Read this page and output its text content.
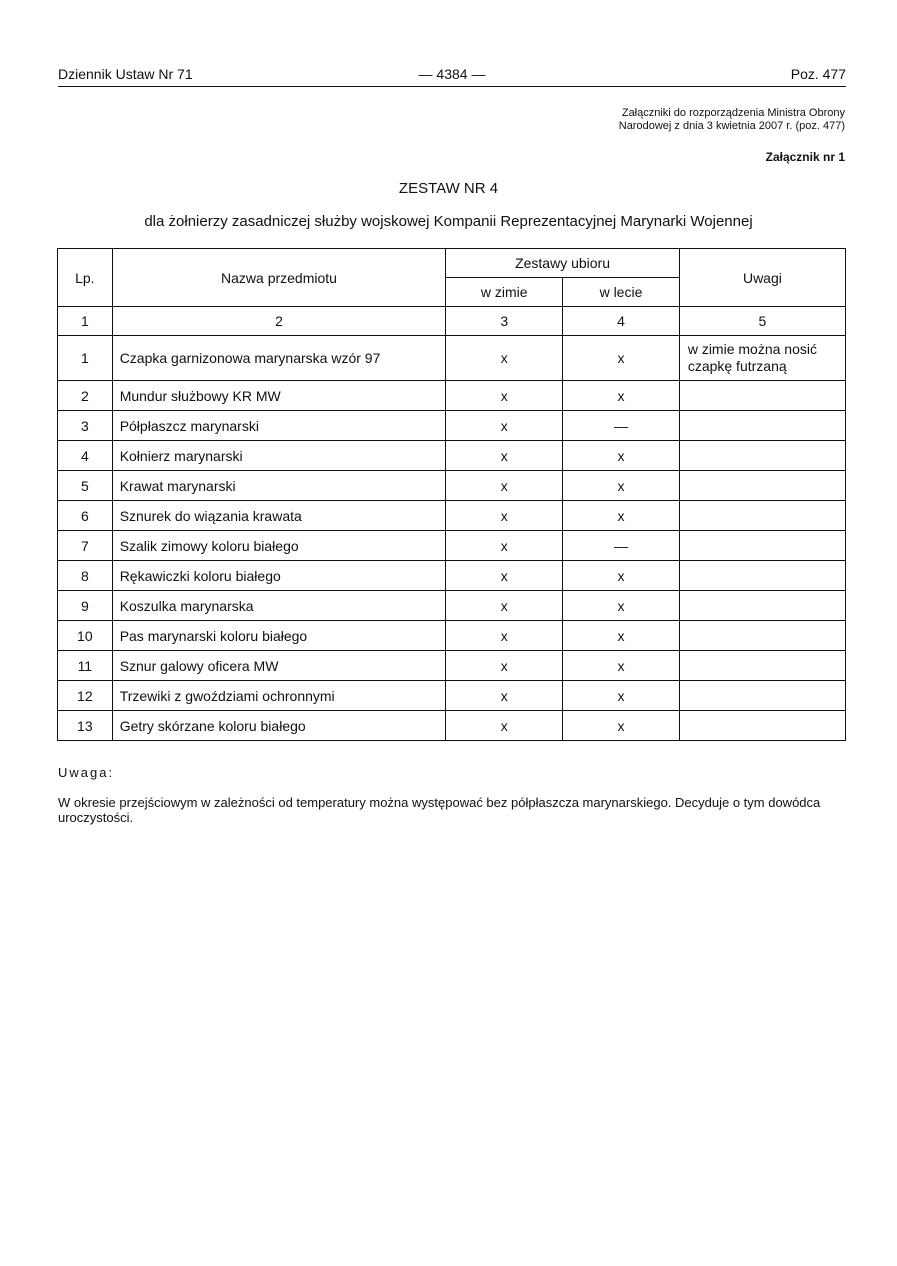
Dziennik Ustaw Nr 71	— 4384 —	Poz. 477
Załączniki do rozporządzenia Ministra Obrony
Narodowej z dnia 3 kwietnia 2007 r. (poz. 477)
Załącznik nr 1
ZESTAW NR 4
dla żołnierzy zasadniczej służby wojskowej Kompanii Reprezentacyjnej Marynarki Wojennej
Lp.	Nazwa przedmiotu	Zestawy ubioru		Uwagi
		w zimie	w lecie	
1	2	3	4	5
1	Czapka garnizonowa marynarska wzór 97	x	x	w zimie można nosić czapkę futrzaną
2	Mundur służbowy KR MW	x	x	
3	Półpłaszcz marynarski	x	—	
4	Kołnierz marynarski	x	x	
5	Krawat marynarski	x	x	
6	Sznurek do wiązania krawata	x	x	
7	Szalik zimowy koloru białego	x	—	
8	Rękawiczki koloru białego	x	x	
9	Koszulka marynarska	x	x	
10	Pas marynarski koloru białego	x	x	
11	Sznur galowy oficera MW	x	x	
12	Trzewiki z gwoździami ochronnymi	x	x	
13	Getry skórzane koloru białego	x	x	
Uwaga:
W okresie przejściowym w zależności od temperatury można występować bez półpłaszcza marynarskiego. Decyduje o tym dowódca uroczystości.
